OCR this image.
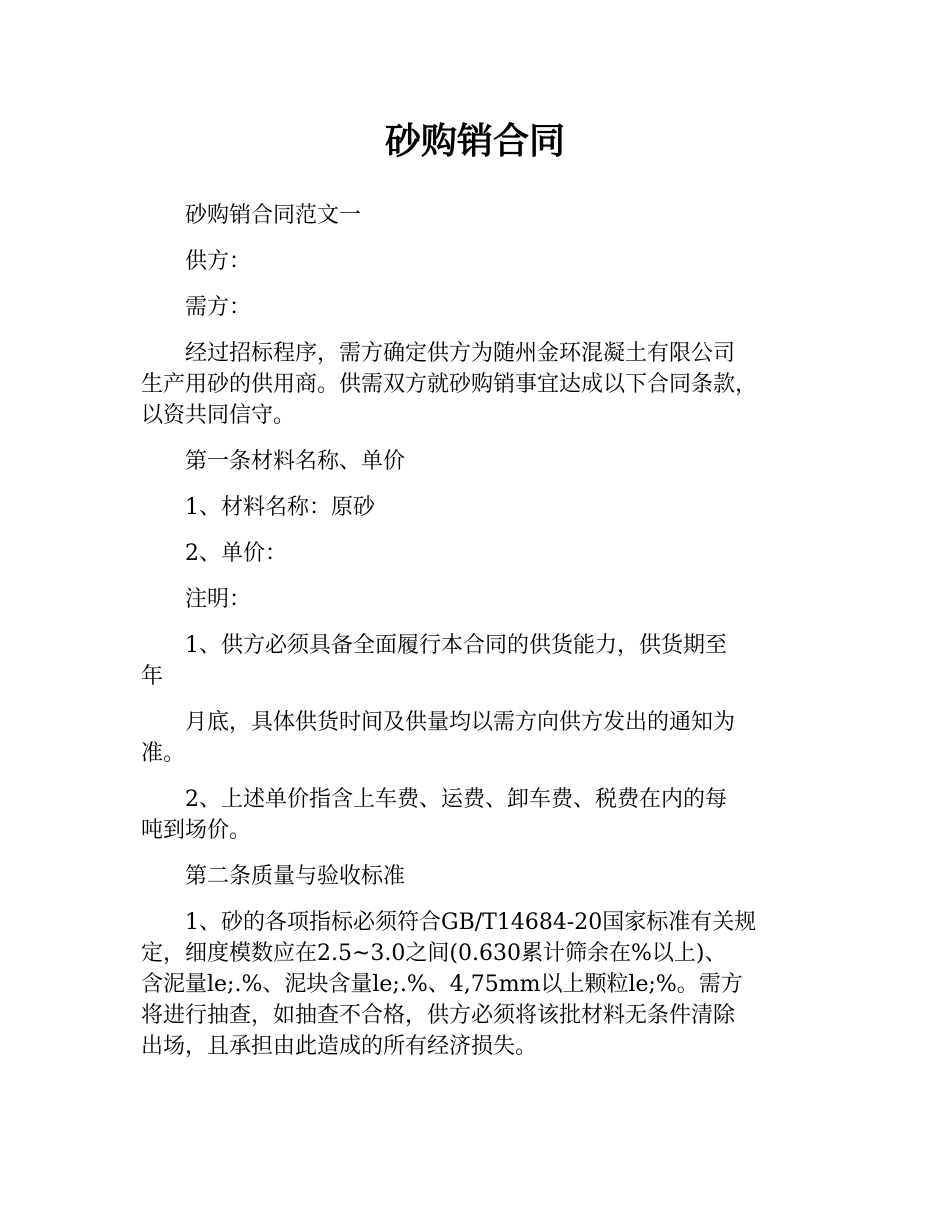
砂购销合同

砂购销合同范文一

供方：

需方：

经过招标程序，需方确定供方为随州金环混凝土有限公司
生产用砂的供用商。供需双方就砂购销事宜达成以下合同条款，
以资共同信守。

第一条材料名称、单价

1、材料名称：原砂

2、单价：

注明：

1、供方必须具备全面履行本合同的供货能力，供货期至
年

月底，具体供货时间及供量均以需方向供方发出的通知为
准。

2、上述单价指含上车费、运费、卸车费、税费在内的每
吨到场价。

第二条质量与验收标准

1、砂的各项指标必须符合GB/T14684-20国家标准有关规
定，细度模数应在2.5~3.0之间(0.630累计筛余在%以上)、
含泥量le;.%、泥块含量le;.%、4,75mm以上颗粒le;%。需方
将进行抽查，如抽查不合格，供方必须将该批材料无条件清除
出场，且承担由此造成的所有经济损失。
